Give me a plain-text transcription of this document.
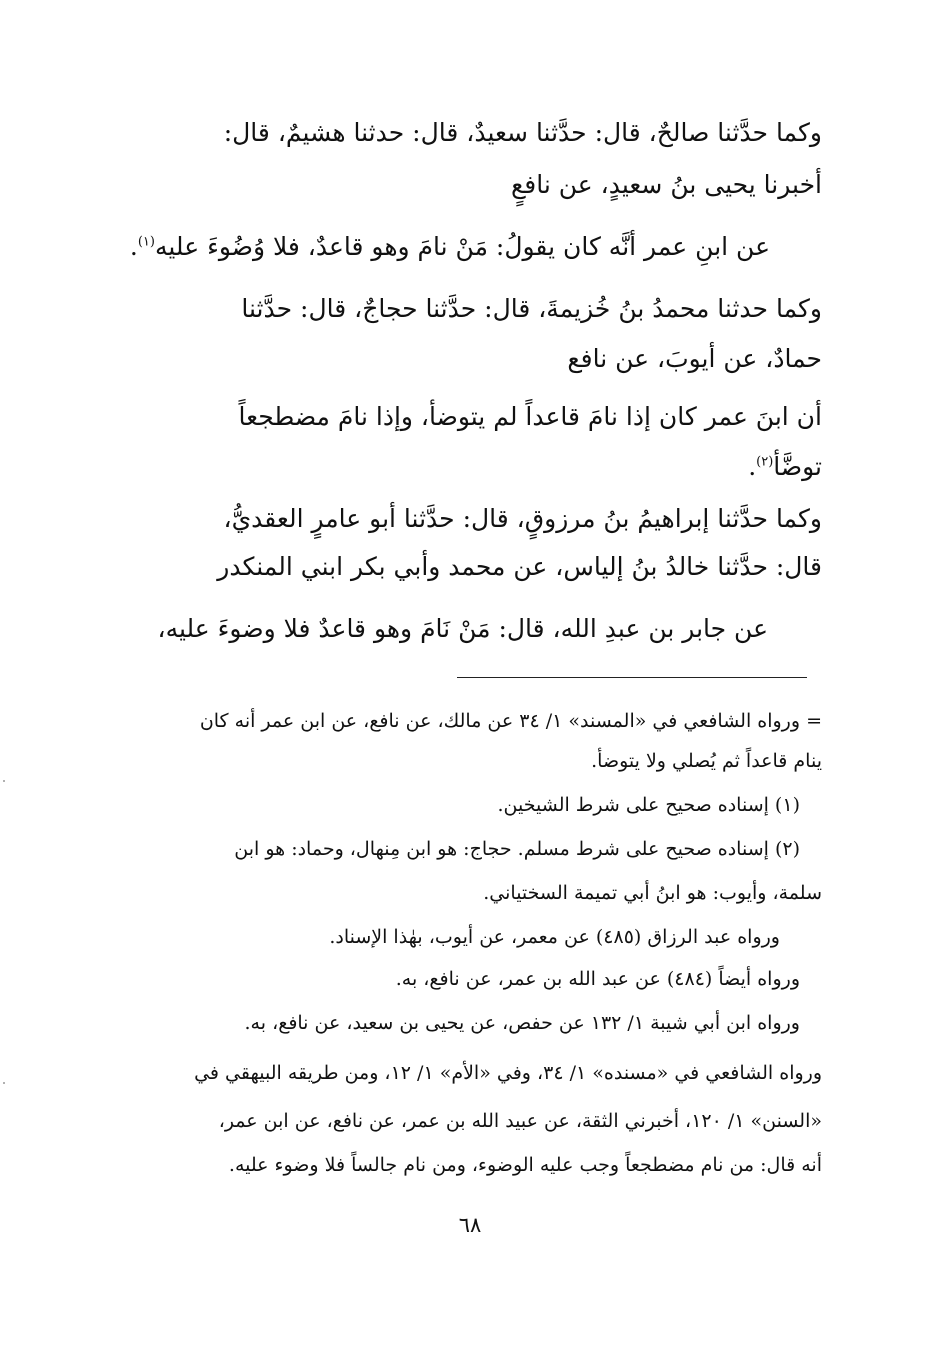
وكما حدَّثنا صالحٌ، قال: حدَّثنا سعيدٌ، قال: حدثنا هشيمٌ، قال:
أخبرنا يحيى بنُ سعيدٍ، عن نافعٍ
عن ابنِ عمر أنَّه كان يقولُ: مَنْ نامَ وهو قاعدٌ، فلا وُضُوءَ عليه$^{(١)}$.
وكما حدثنا محمدُ بنُ خُزيمةَ، قال: حدَّثنا حجاجٌ، قال: حدَّثنا
حمادٌ، عن أيوبَ، عن نافع
أن ابنَ عمر كان إذا نامَ قاعداً لم يتوضأ، وإذا نامَ مضطجعاً
توضَّأ$^{(٢)}$.
وكما حدَّثنا إبراهيمُ بنُ مرزوقٍ، قال: حدَّثنا أبو عامرٍ العقديُّ،
قال: حدَّثنا خالدُ بنُ إلياس، عن محمد وأبي بكر ابني المنكدر
عن جابر بن عبدِ الله، قال: مَنْ نَامَ وهو قاعدٌ فلا وضوءَ عليه،
= ورواه الشافعي في «المسند» ١/ ٣٤ عن مالك، عن نافع، عن ابن عمر أنه كان
ينام قاعداً ثم يُصلي ولا يتوضأ.
(١) إسناده صحيح على شرط الشيخين.
(٢) إسناده صحيح على شرط مسلم. حجاج: هو ابن مِنهال، وحماد: هو ابن
سلمة، وأيوب: هو ابنُ أبي تميمة السختياني.
ورواه عبد الرزاق (٤٨٥) عن معمر، عن أيوب، بهٰذا الإسناد.
ورواه أيضاً (٤٨٤) عن عبد الله بن عمر، عن نافع، به.
ورواه ابن أبي شيبة ١/ ١٣٢ عن حفص، عن يحيى بن سعيد، عن نافع، به.
ورواه الشافعي في «مسنده» ١/ ٣٤، وفي «الأم» ١/ ١٢، ومن طريقه البيهقي في
«السنن» ١/ ١٢٠، أخبرني الثقة، عن عبيد الله بن عمر، عن نافع، عن ابن عمر،
أنه قال: من نام مضطجعاً وجب عليه الوضوء، ومن نام جالساً فلا وضوء عليه.
٦٨
